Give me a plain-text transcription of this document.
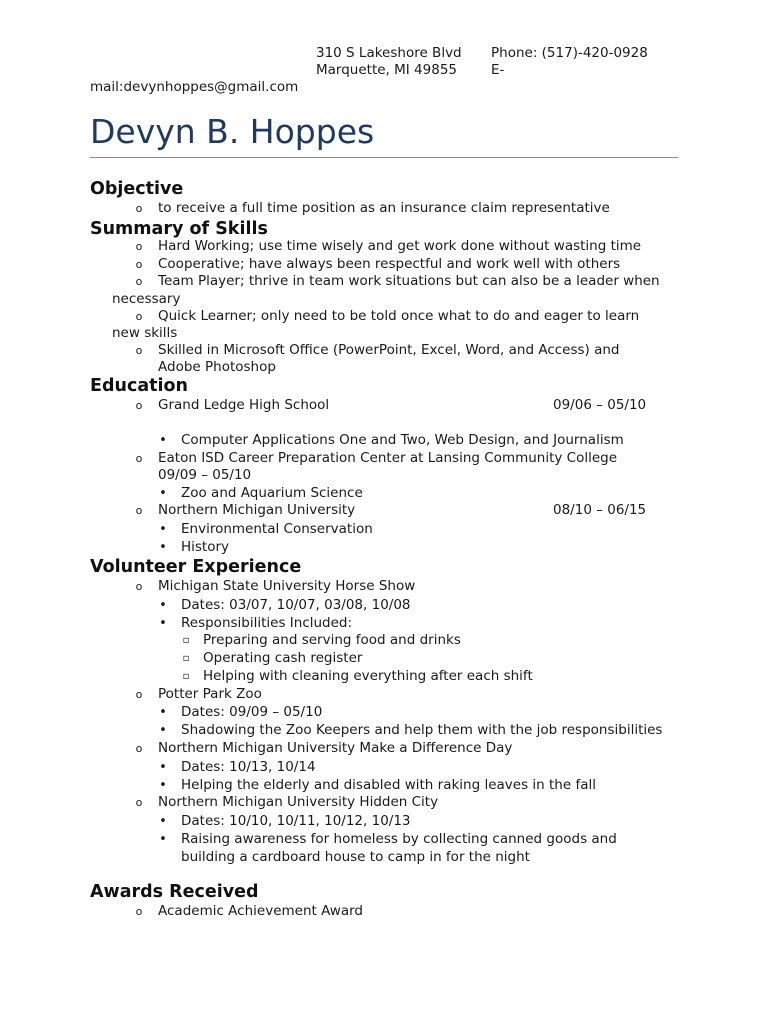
310 S Lakeshore Blvd
Marquette, MI 49855
Phone: (517)-420-0928
E-
mail:devynhoppes@gmail.com
Devyn B. Hoppes
Objective
o to receive a full time position as an insurance claim representative
Summary of Skills
o Hard Working; use time wisely and get work done without wasting time
o Cooperative; have always been respectful and work well with others
o Team Player; thrive in team work situations but can also be a leader when
necessary
o Quick Learner; only need to be told once what to do and eager to learn
new skills
o Skilled in Microsoft Office (PowerPoint, Excel, Word, and Access) and
Adobe Photoshop
Education
o Grand Ledge High School	09/06 – 05/10
• Computer Applications One and Two, Web Design, and Journalism
o Eaton ISD Career Preparation Center at Lansing Community College
09/09 – 05/10
• Zoo and Aquarium Science
o Northern Michigan University	08/10 – 06/15
• Environmental Conservation
• History
Volunteer Experience
o Michigan State University Horse Show
• Dates: 03/07, 10/07, 03/08, 10/08
• Responsibilities Included:
▫ Preparing and serving food and drinks
▫ Operating cash register
▫ Helping with cleaning everything after each shift
o Potter Park Zoo
• Dates: 09/09 – 05/10
• Shadowing the Zoo Keepers and help them with the job responsibilities
o Northern Michigan University Make a Difference Day
• Dates: 10/13, 10/14
• Helping the elderly and disabled with raking leaves in the fall
o Northern Michigan University Hidden City
• Dates: 10/10, 10/11, 10/12, 10/13
• Raising awareness for homeless by collecting canned goods and
building a cardboard house to camp in for the night
Awards Received
o Academic Achievement Award
